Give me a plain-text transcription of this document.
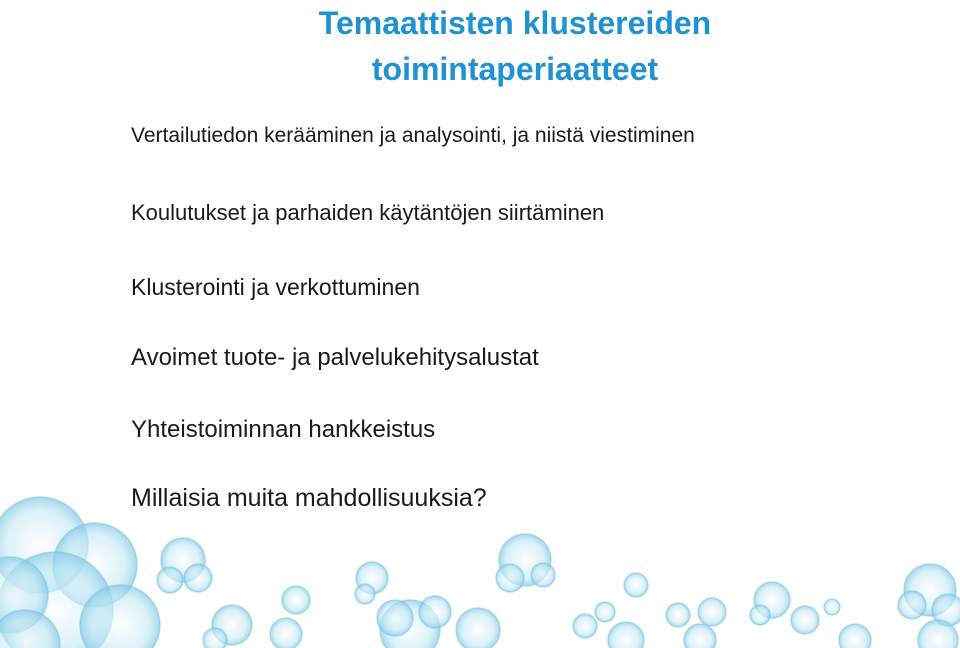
Temaattisten klustereiden
toimintaperiaatteet
Vertailutiedon kerääminen ja analysointi, ja niistä viestiminen
Koulutukset ja parhaiden käytäntöjen siirtäminen
Klusterointi ja verkottuminen
Avoimet tuote- ja palvelukehitysalustat
Yhteistoiminnan hankkeistus
Millaisia muita mahdollisuuksia?
